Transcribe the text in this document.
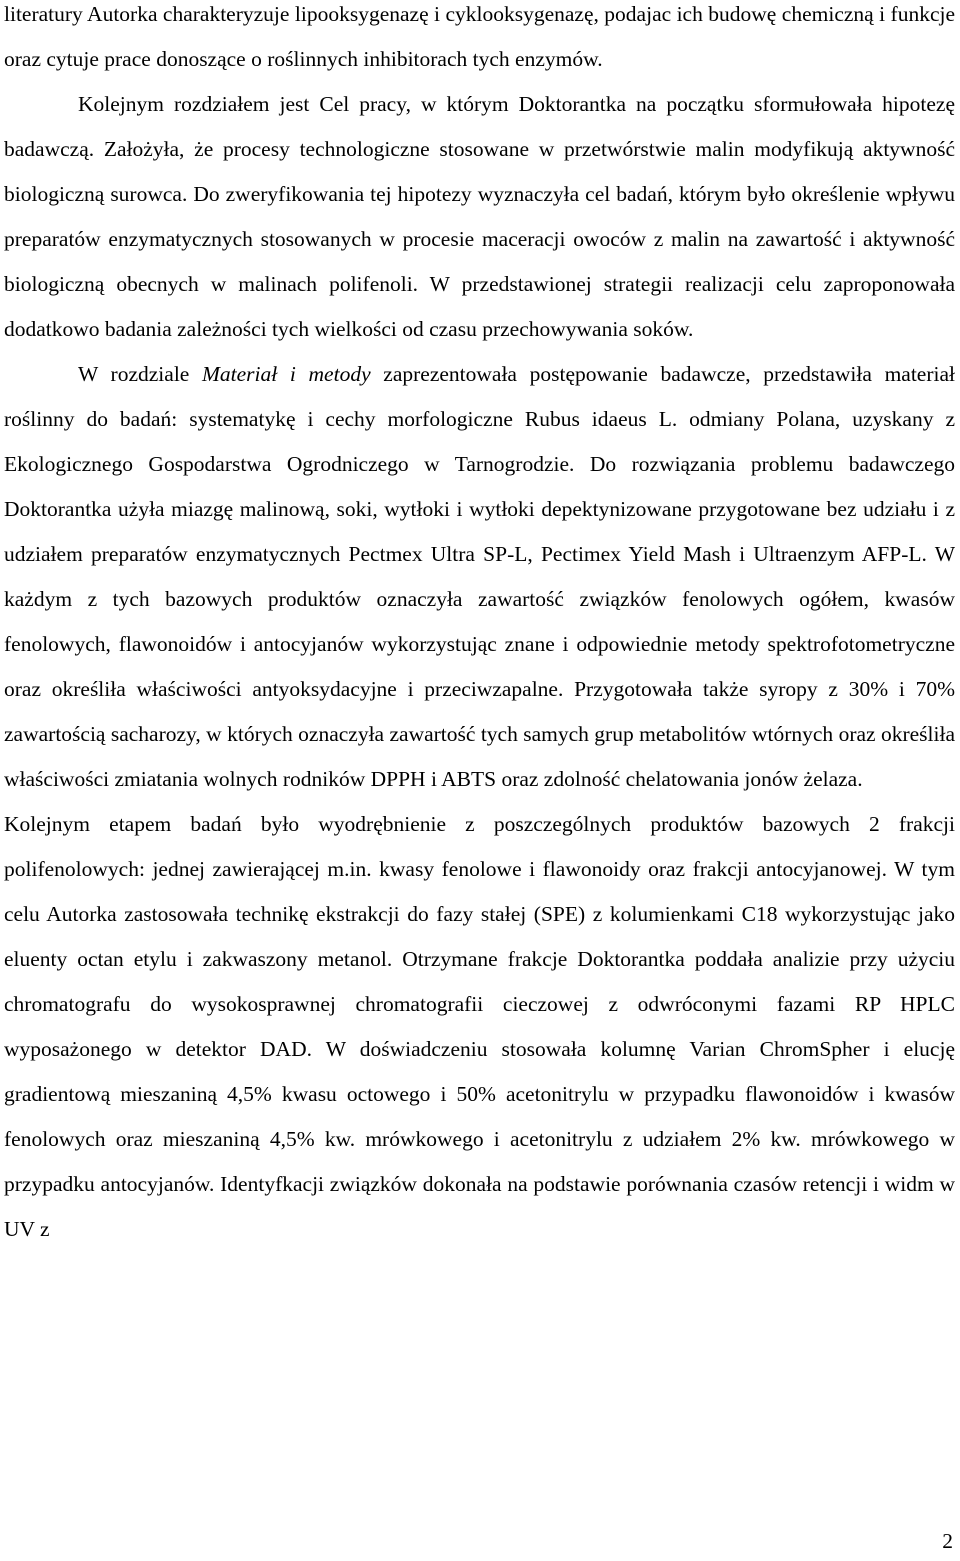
literatury Autorka charakteryzuje lipooksygenazę i cyklooksygenazę, podajac ich budowę chemiczną i funkcje oraz cytuje prace donoszące o roślinnych inhibitorach tych enzymów.

Kolejnym rozdziałem jest Cel pracy, w którym Doktorantka na początku sformułowała hipotezę badawczą. Założyła, że procesy technologiczne stosowane w przetwórstwie malin modyfikują aktywność biologiczną surowca. Do zweryfikowania tej hipotezy wyznaczyła cel badań, którym było określenie wpływu preparatów enzymatycznych stosowanych w procesie maceracji owoców z malin na zawartość i aktywność biologiczną obecnych w malinach polifenoli. W przedstawionej strategii realizacji celu zaproponowała dodatkowo badania zależności tych wielkości od czasu przechowywania soków.

W rozdziale Materiał i metody zaprezentowała postępowanie badawcze, przedstawiła materiał roślinny do badań: systematykę i cechy morfologiczne Rubus idaeus L. odmiany Polana, uzyskany z Ekologicznego Gospodarstwa Ogrodniczego w Tarnogrodzie. Do rozwiązania problemu badawczego Doktorantka użyła miazgę malinową, soki, wytłoki i wytłoki depektynizowane przygotowane bez udziału i z udziałem preparatów enzymatycznych Pectmex Ultra SP-L, Pectimex Yield Mash i Ultraenzym AFP-L. W każdym z tych bazowych produktów oznaczyła zawartość związków fenolowych ogółem, kwasów fenolowych, flawonoidów i antocyjanów wykorzystując znane i odpowiednie metody spektrofotometryczne oraz określiła właściwości antyoksydacyjne i przeciwzapalne. Przygotowała także syropy z 30% i 70% zawartością sacharozy, w których oznaczyła zawartość tych samych grup metabolitów wtórnych oraz określiła właściwości zmiatania wolnych rodników DPPH i ABTS oraz zdolność chelatowania jonów żelaza.

Kolejnym etapem badań było wyodrębnienie z poszczególnych produktów bazowych 2 frakcji polifenolowych: jednej zawierającej m.in. kwasy fenolowe i flawonoidy oraz frakcji antocyjanowej. W tym celu Autorka zastosowała technikę ekstrakcji do fazy stałej (SPE) z kolumienkami C18 wykorzystując jako eluenty octan etylu i zakwaszony metanol. Otrzymane frakcje Doktorantka poddała analizie przy użyciu chromatografu do wysokosprawnej chromatografii cieczowej z odwróconymi fazami RP HPLC wyposażonego w detektor DAD. W doświadczeniu stosowała kolumnę Varian ChromSpher i elucję gradientową mieszaniną 4,5% kwasu octowego i 50% acetonitrylu w przypadku flawonoidów i kwasów fenolowych oraz mieszaniną 4,5% kw. mrówkowego i acetonitrylu z udziałem 2% kw. mrówkowego w przypadku antocyjanów. Identyfkacji związków dokonała na podstawie porównania czasów retencji i widm w UV z

2
